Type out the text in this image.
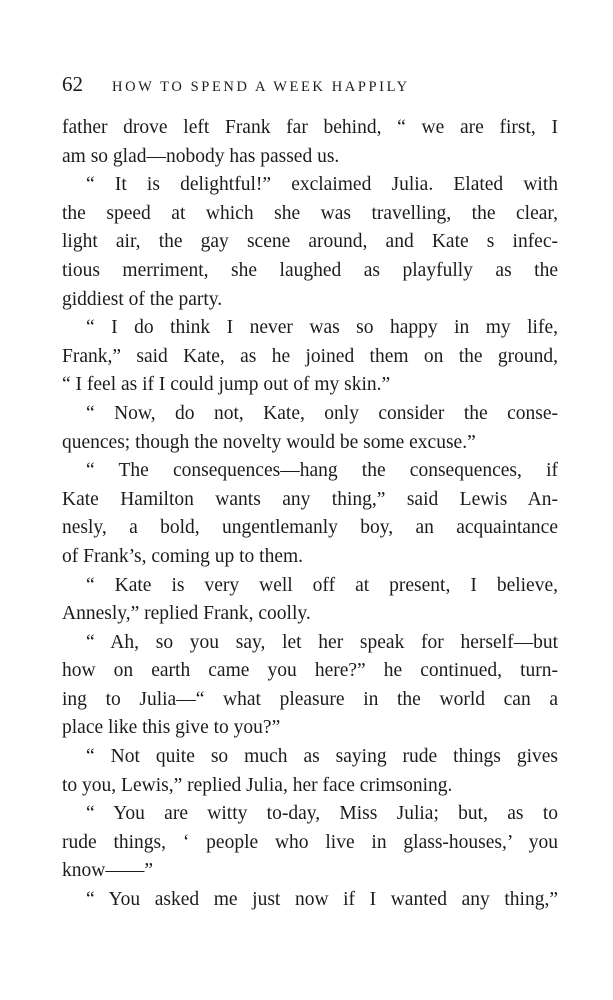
62	HOW TO SPEND A WEEK HAPPILY
father drove left Frank far behind, “ we are first, I
am so glad—nobody has passed us.
“ It is delightful!” exclaimed Julia. Elated with
the speed at which she was travelling, the clear,
light air, the gay scene around, and Kate s infec-
tious merriment, she laughed as playfully as the
giddiest of the party.
“ I do think I never was so happy in my life,
Frank,” said Kate, as he joined them on the ground,
“ I feel as if I could jump out of my skin.”
“ Now, do not, Kate, only consider the conse-
quences; though the novelty would be some excuse.”
“ The consequences—hang the consequences, if
Kate Hamilton wants any thing,” said Lewis An-
nesly, a bold, ungentlemanly boy, an acquaintance
of Frank’s, coming up to them.
“ Kate is very well off at present, I believe,
Annesly,” replied Frank, coolly.
“ Ah, so you say, let her speak for herself—but
how on earth came you here?” he continued, turn-
ing to Julia—“ what pleasure in the world can a
place like this give to you?”
“ Not quite so much as saying rude things gives
to you, Lewis,” replied Julia, her face crimsoning.
“ You are witty to-day, Miss Julia; but, as to
rude things, ‘ people who live in glass-houses,’ you
know——”
“ You asked me just now if I wanted any thing,”
